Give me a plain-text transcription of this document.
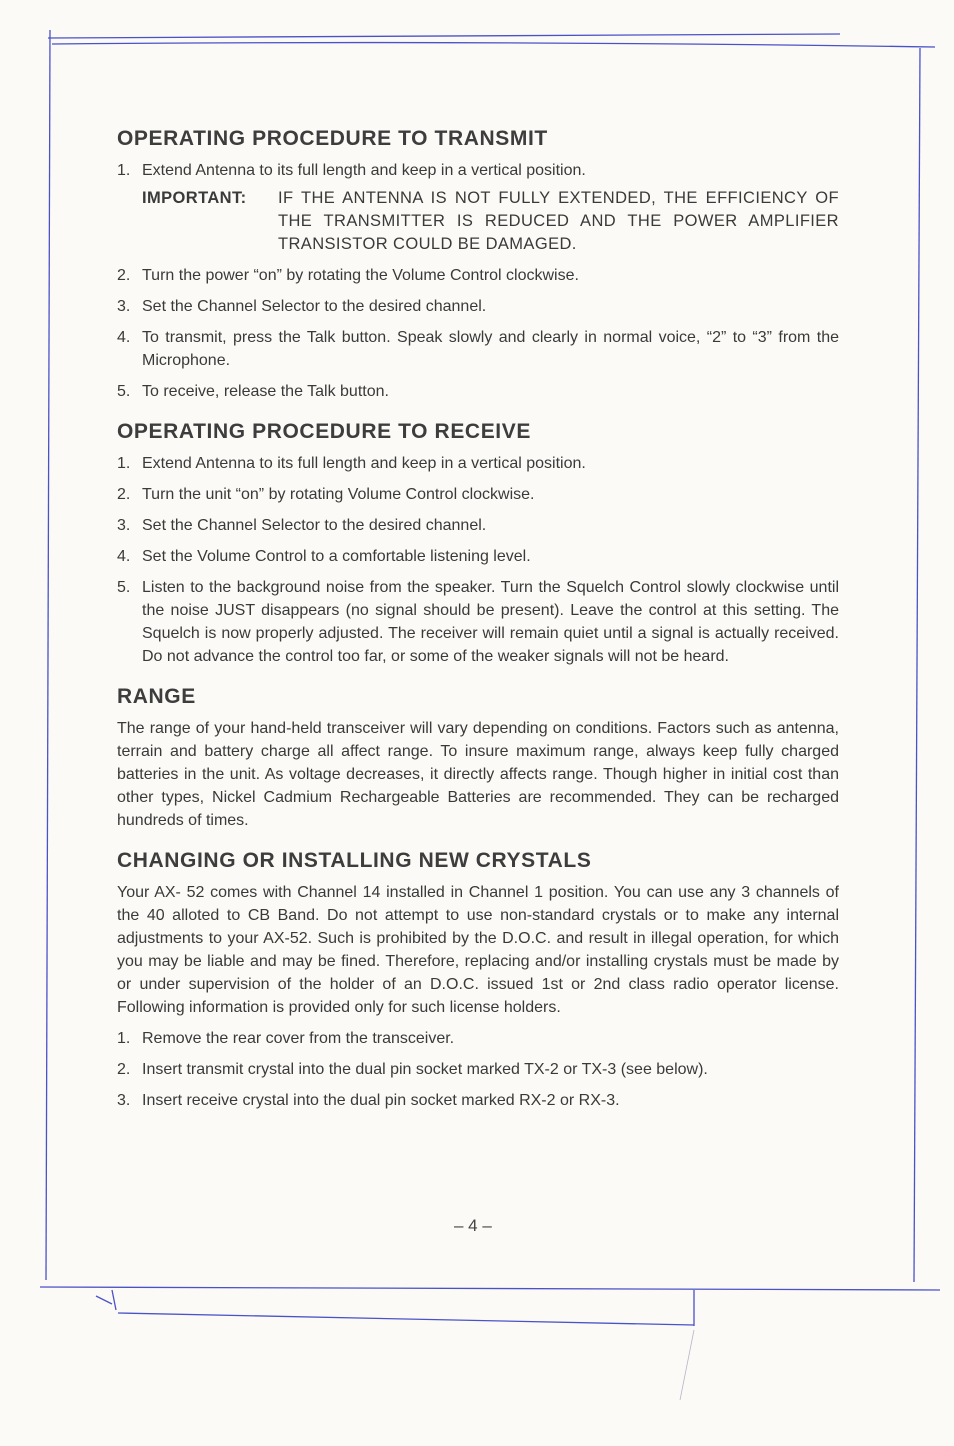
OPERATING PROCEDURE TO TRANSMIT
1. Extend Antenna to its full length and keep in a vertical position.
IMPORTANT:	IF THE ANTENNA IS NOT FULLY EXTENDED, THE EFFICIENCY OF THE TRANSMITTER IS REDUCED AND THE POWER AMPLIFIER TRANSISTOR COULD BE DAMAGED.
2. Turn the power “on” by rotating the Volume Control clockwise.
3. Set the Channel Selector to the desired channel.
4. To transmit, press the Talk button. Speak slowly and clearly in normal voice, “2” to “3” from the Microphone.
5. To receive, release the Talk button.
OPERATING PROCEDURE TO RECEIVE
1. Extend Antenna to its full length and keep in a vertical position.
2. Turn the unit “on” by rotating Volume Control clockwise.
3. Set the Channel Selector to the desired channel.
4. Set the Volume Control to a comfortable listening level.
5. Listen to the background noise from the speaker. Turn the Squelch Control slowly clockwise until the noise JUST disappears (no signal should be present). Leave the control at this setting. The Squelch is now properly adjusted. The receiver will remain quiet until a signal is actually received. Do not advance the control too far, or some of the weaker signals will not be heard.
RANGE

The range of your hand-held transceiver will vary depending on conditions. Factors such as antenna, terrain and battery charge all affect range. To insure maximum range, always keep fully charged batteries in the unit. As voltage decreases, it directly affects range. Though higher in initial cost than other types, Nickel Cadmium Rechargeable Batteries are recommended. They can be recharged hundreds of times.

CHANGING OR INSTALLING NEW CRYSTALS

Your AX- 52 comes with Channel 14 installed in Channel 1 position. You can use any 3 channels of the 40 alloted to CB Band. Do not attempt to use non-standard crystals or to make any internal adjustments to your AX-52. Such is prohibited by the D.O.C. and result in illegal operation, for which you may be liable and may be fined. Therefore, replacing and/or installing crystals must be made by or under supervision of the holder of an D.O.C. issued 1st or 2nd class radio operator license. Following information is provided only for such license holders.

1. Remove the rear cover from the transceiver.
2. Insert transmit crystal into the dual pin socket marked TX-2 or TX-3 (see below).
3. Insert receive crystal into the dual pin socket marked RX-2 or RX-3.
– 4 –
